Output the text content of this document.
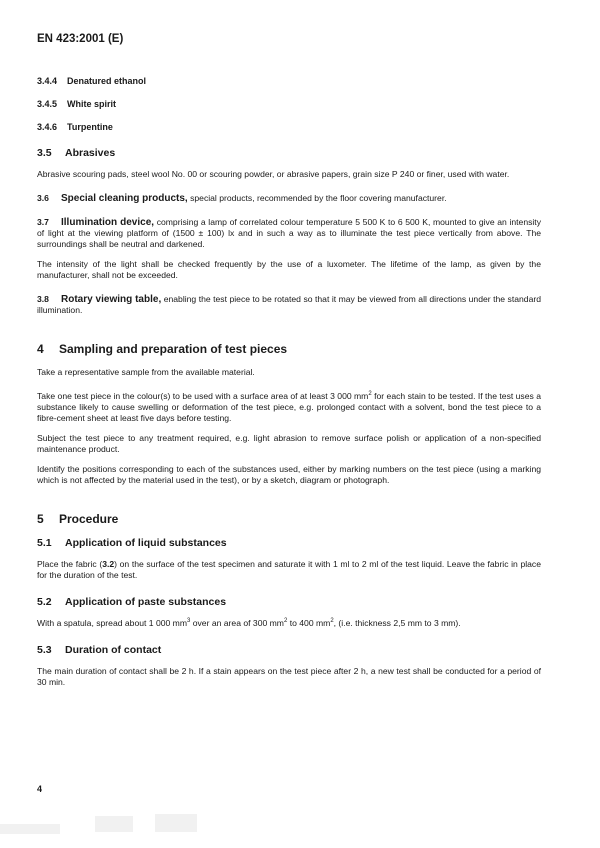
EN 423:2001 (E)
3.4.4 Denatured ethanol
3.4.5 White spirit
3.4.6 Turpentine
3.5 Abrasives

Abrasive scouring pads, steel wool No. 00 or scouring powder, or abrasive papers, grain size P 240 or finer, used with water.

3.6 Special cleaning products, special products, recommended by the floor covering manufacturer.

3.7 Illumination device, comprising a lamp of correlated colour temperature 5 500 K to 6 500 K, mounted to give an intensity of light at the viewing platform of (1500 ± 100) lx and in such a way as to illuminate the test piece vertically from above. The surroundings shall be neutral and darkened.

The intensity of the light shall be checked frequently by the use of a luxometer. The lifetime of the lamp, as given by the manufacturer, shall not be exceeded.

3.8 Rotary viewing table, enabling the test piece to be rotated so that it may be viewed from all directions under the standard illumination.

4 Sampling and preparation of test pieces

Take a representative sample from the available material.

Take one test piece in the colour(s) to be used with a surface area of at least 3 000 $mm^2$ for each stain to be tested. If the test uses a substance likely to cause swelling or deformation of the test piece, e.g. prolonged contact with a solvent, bond the test piece to a fibre-cement sheet at least five days before testing.

Subject the test piece to any treatment required, e.g. light abrasion to remove surface polish or application of a non-specified maintenance product.

Identify the positions corresponding to each of the substances used, either by marking numbers on the test piece (using a marking which is not affected by the material used in the test), or by a sketch, diagram or photograph.

5 Procedure
5.1 Application of liquid substances

Place the fabric (3.2) on the surface of the test specimen and saturate it with 1 ml to 2 ml of the test liquid. Leave the fabric in place for the duration of the test.

5.2 Application of paste substances

With a spatula, spread about 1 000 $mm^3$ over an area of 300 $mm^2$ to 400 $mm^2$, (i.e. thickness 2,5 mm to 3 mm).

5.3 Duration of contact

The main duration of contact shall be 2 h. If a stain appears on the test piece after 2 h, a new test shall be conducted for a period of 30 min.

4
